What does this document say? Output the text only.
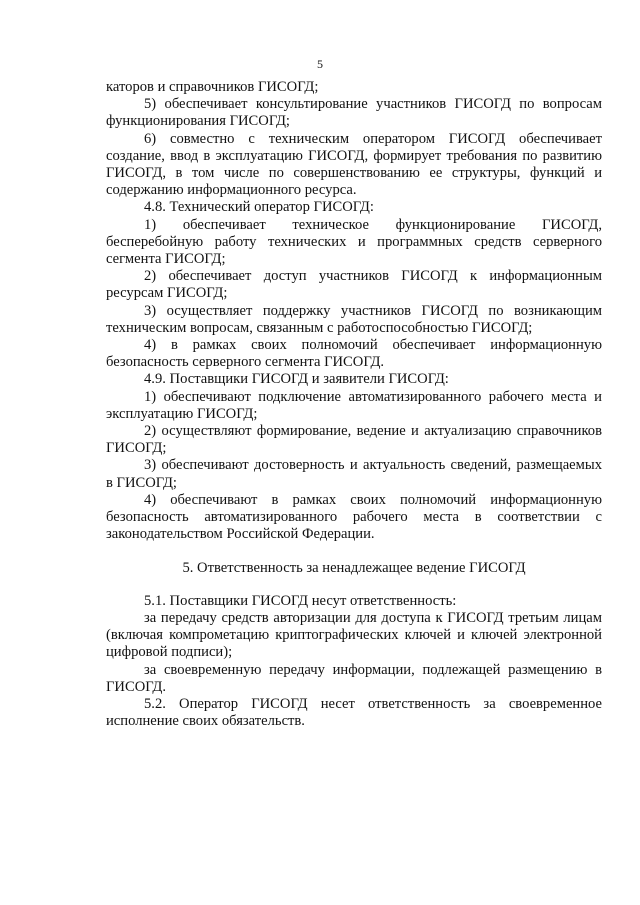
5

каторов и справочников ГИСОГД;

5) обеспечивает консультирование участников ГИСОГД по вопросам функционирования ГИСОГД;

6) совместно с техническим оператором ГИСОГД обеспечивает создание, ввод в эксплуатацию ГИСОГД, формирует требования по развитию ГИСОГД, в том числе по совершенствованию ее структуры, функций и содержанию информационного ресурса.

4.8. Технический оператор ГИСОГД:

1) обеспечивает техническое функционирование ГИСОГД, бесперебойную работу технических и программных средств серверного сегмента ГИСОГД;

2) обеспечивает доступ участников ГИСОГД к информационным ресурсам ГИСОГД;

3) осуществляет поддержку участников ГИСОГД по возникающим техническим вопросам, связанным с работоспособностью ГИСОГД;

4) в рамках своих полномочий обеспечивает информационную безопасность серверного сегмента ГИСОГД.

4.9. Поставщики ГИСОГД и заявители ГИСОГД:

1) обеспечивают подключение автоматизированного рабочего места и эксплуатацию ГИСОГД;

2) осуществляют формирование, ведение и актуализацию справочников ГИСОГД;

3) обеспечивают достоверность и актуальность сведений, размещаемых в ГИСОГД;

4) обеспечивают в рамках своих полномочий информационную безопасность автоматизированного рабочего места в соответствии с законодательством Российской Федерации.

5. Ответственность за ненадлежащее ведение ГИСОГД

5.1. Поставщики ГИСОГД несут ответственность:

за передачу средств авторизации для доступа к ГИСОГД третьим лицам (включая компрометацию криптографических ключей и ключей электронной цифровой подписи);

за своевременную передачу информации, подлежащей размещению в ГИСОГД.

5.2. Оператор ГИСОГД несет ответственность за своевременное исполнение своих обязательств.
